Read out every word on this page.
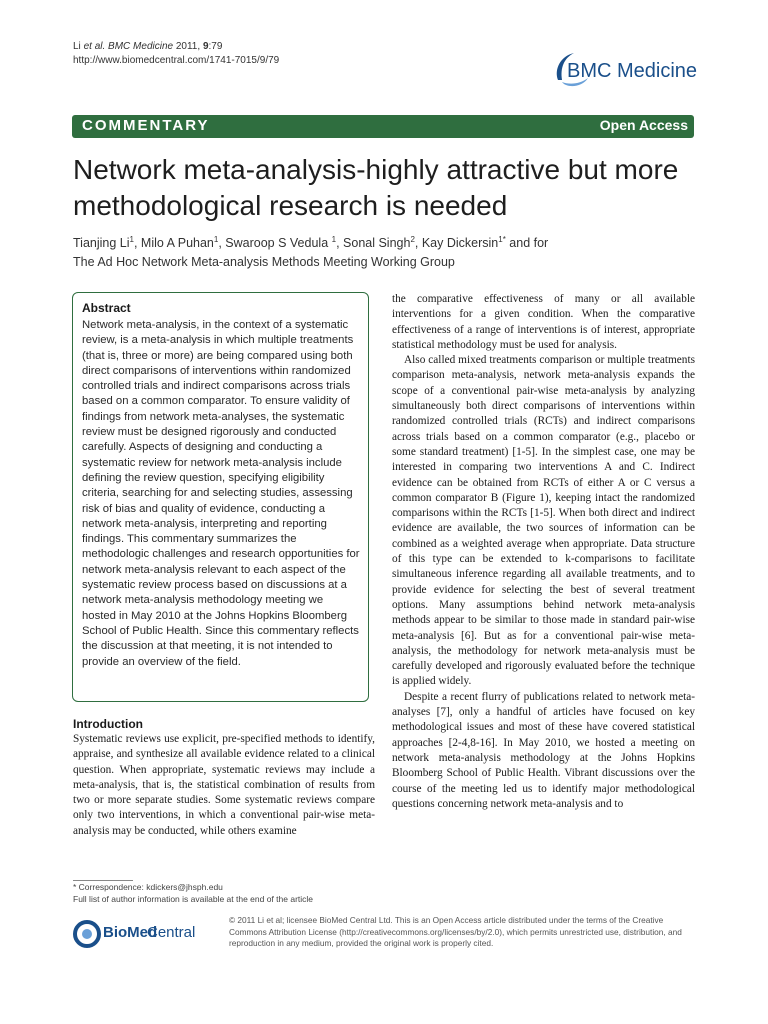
Li et al. BMC Medicine 2011, 9:79
http://www.biomedcentral.com/1741-7015/9/79	BMC Medicine
COMMENTARY	Open Access
Network meta-analysis-highly attractive but more methodological research is needed
Tianjing Li$^1$, Milo A Puhan$^1$, Swaroop S Vedula $^1$, Sonal Singh$^2$, Kay Dickersin$^{1*}$ and for
The Ad Hoc Network Meta-analysis Methods Meeting Working Group
Abstract
Network meta-analysis, in the context of a systematic review, is a meta-analysis in which multiple treatments (that is, three or more) are being compared using both direct comparisons of interventions within randomized controlled trials and indirect comparisons across trials based on a common comparator. To ensure validity of findings from network meta-analyses, the systematic review must be designed rigorously and conducted carefully. Aspects of designing and conducting a systematic review for network meta-analysis include defining the review question, specifying eligibility criteria, searching for and selecting studies, assessing risk of bias and quality of evidence, conducting a network meta-analysis, interpreting and reporting findings. This commentary summarizes the methodologic challenges and research opportunities for network meta-analysis relevant to each aspect of the systematic review process based on discussions at a network meta-analysis methodology meeting we hosted in May 2010 at the Johns Hopkins Bloomberg School of Public Health. Since this commentary reflects the discussion at that meeting, it is not intended to provide an overview of the field.
Introduction
Systematic reviews use explicit, pre-specified methods to identify, appraise, and synthesize all available evidence related to a clinical question. When appropriate, systematic reviews may include a meta-analysis, that is, the statistical combination of results from two or more separate studies. Some systematic reviews compare only two interventions, in which a conventional pair-wise meta-analysis may be conducted, while others examine
* Correspondence: kdickers@jhsph.edu
Full list of author information is available at the end of the article

the comparative effectiveness of many or all available interventions for a given condition. When the comparative effectiveness of a range of interventions is of interest, appropriate statistical methodology must be used for analysis.

Also called mixed treatments comparison or multiple treatments comparison meta-analysis, network meta-analysis expands the scope of a conventional pair-wise meta-analysis by analyzing simultaneously both direct comparisons of interventions within randomized controlled trials (RCTs) and indirect comparisons across trials based on a common comparator (e.g., placebo or some standard treatment) [1-5]. In the simplest case, one may be interested in comparing two interventions A and C. Indirect evidence can be obtained from RCTs of either A or C versus a common comparator B (Figure 1), keeping intact the randomized comparisons within the RCTs [1-5]. When both direct and indirect evidence are available, the two sources of information can be combined as a weighted average when appropriate. Data structure of this type can be extended to k-comparisons to facilitate simultaneous inference regarding all available treatments, and to provide evidence for selecting the best of several treatment options. Many assumptions behind network meta-analysis methods appear to be similar to those made in standard pair-wise meta-analysis [6]. But as for a conventional pair-wise meta-analysis, the methodology for network meta-analysis must be carefully developed and rigorously evaluated before the technique is applied widely.

Despite a recent flurry of publications related to network meta-analyses [7], only a handful of articles have focused on key methodological issues and most of these have covered statistical approaches [2-4,8-16]. In May 2010, we hosted a meeting on network meta-analysis methodology at the Johns Hopkins Bloomberg School of Public Health. Vibrant discussions over the course of the meeting led us to identify major methodological questions concerning network meta-analysis and to

BioMed
Central
© 2011 Li et al; licensee BioMed Central Ltd. This is an Open Access article distributed under the terms of the Creative Commons Attribution License (http://creativecommons.org/licenses/by/2.0), which permits unrestricted use, distribution, and reproduction in any medium, provided the original work is properly cited.
